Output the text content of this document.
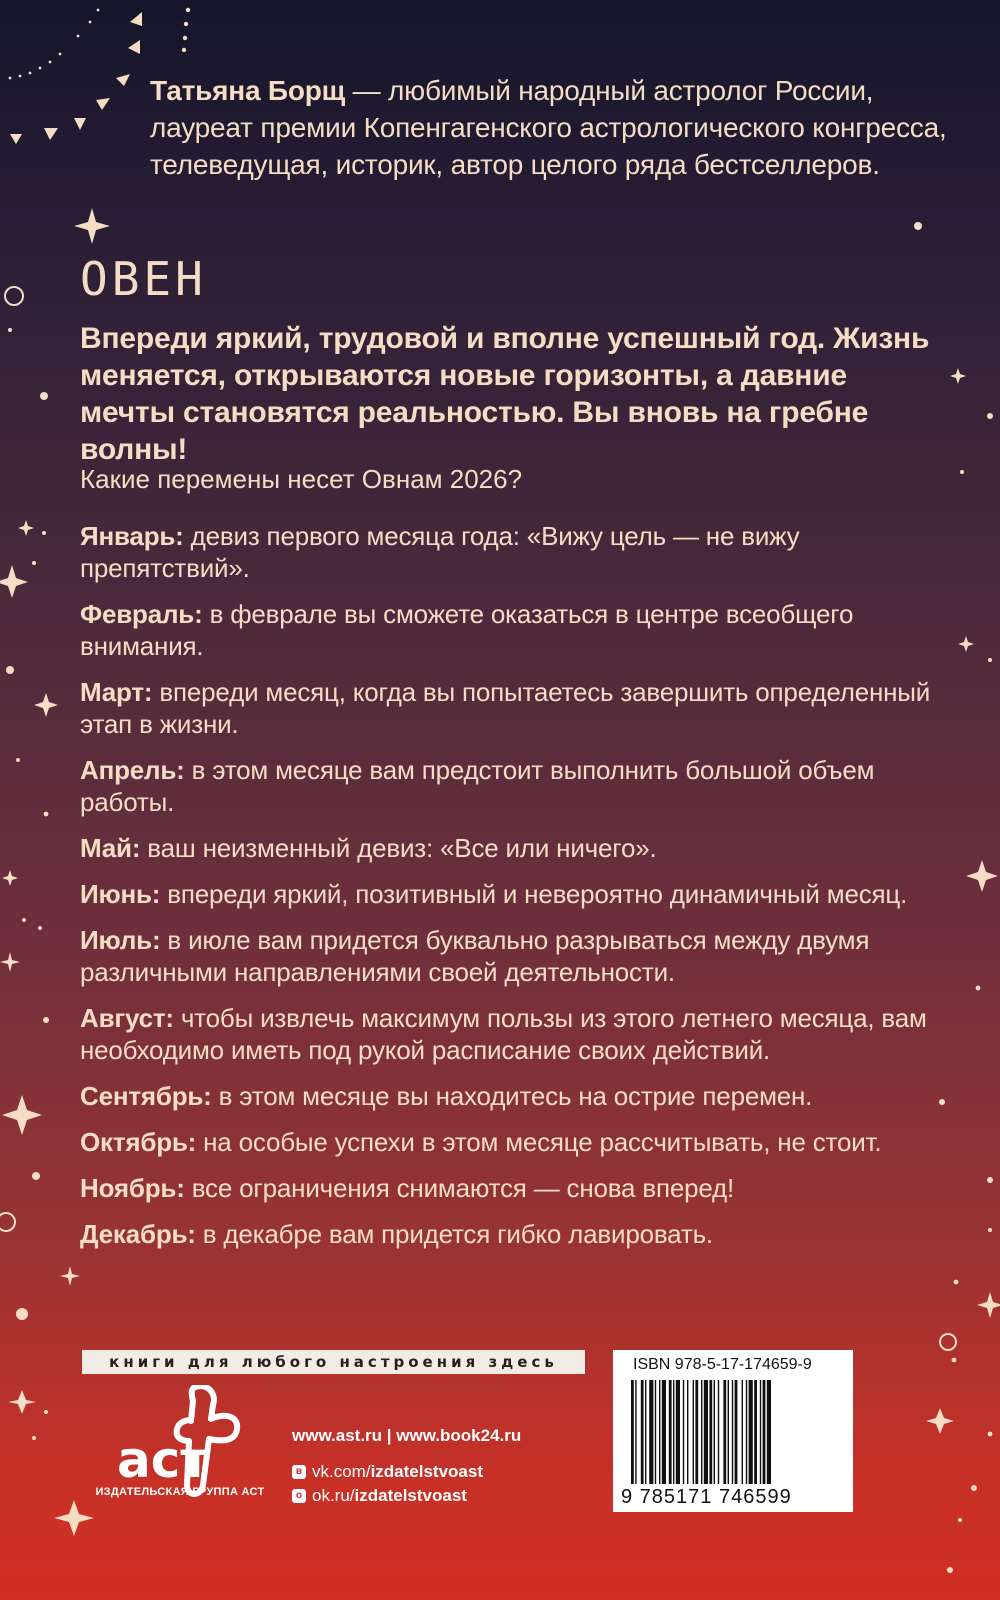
Татьяна Борщ — любимый народный астролог России, лауреат премии Копенгагенского астрологического конгресса, телеведущая, историк, автор целого ряда бестселлеров.
ОВЕН
Впереди яркий, трудовой и вполне успешный год. Жизнь меняется, открываются новые горизонты, а давние мечты становятся реальностью. Вы вновь на гребне волны!
Какие перемены несет Овнам 2026?
Январь: девиз первого месяца года: «Вижу цель — не вижу препятствий».
Февраль: в феврале вы сможете оказаться в центре всеобщего внимания.
Март: впереди месяц, когда вы попытаетесь завершить определенный этап в жизни.
Апрель: в этом месяце вам предстоит выполнить большой объем работы.
Май: ваш неизменный девиз: «Все или ничего».
Июнь: впереди яркий, позитивный и невероятно динамичный месяц.
Июль: в июле вам придется буквально разрываться между двумя различными направлениями своей деятельности.
Август: чтобы извлечь максимум пользы из этого летнего месяца, вам необходимо иметь под рукой расписание своих действий.
Сентябрь: в этом месяце вы находитесь на острие перемен.
Октябрь: на особые успехи в этом месяце рассчитывать, не стоит.
Ноябрь: все ограничения снимаются — снова вперед!
Декабрь: в декабре вам придется гибко лавировать.
книги для любого настроения здесь
аст
ИЗДАТЕЛЬСКАЯ ГРУППА АСТ
www.ast.ru | www.book24.ru
в vk.com/izdatelstvoast
о ok.ru/izdatelstvoast
ISBN 978-5-17-174659-9
9 785171 746599
